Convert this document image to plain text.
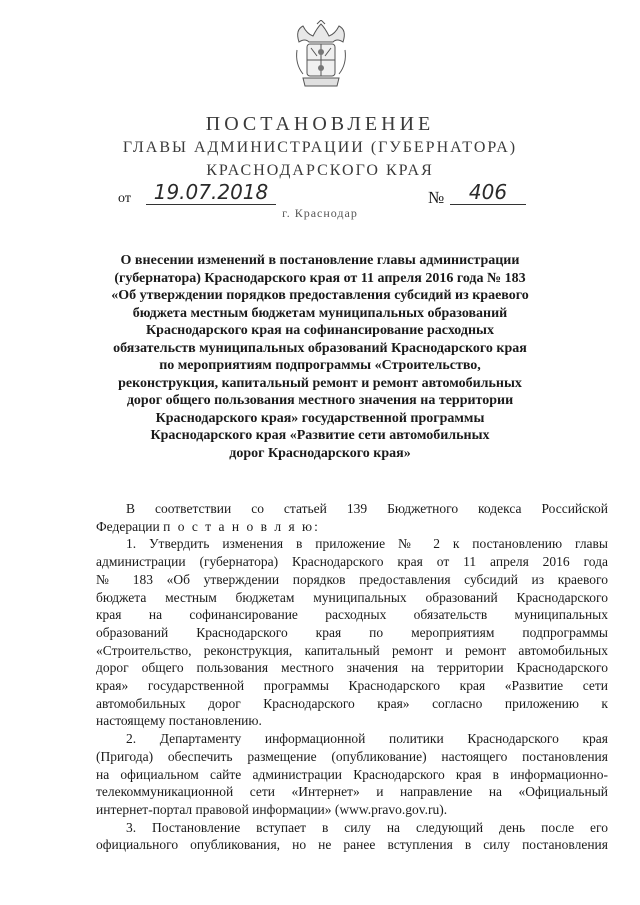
ПОСТАНОВЛЕНИЕ
ГЛАВЫ АДМИНИСТРАЦИИ (ГУБЕРНАТОРА)
КРАСНОДАРСКОГО КРАЯ
от	19.07.2018	№	406
г. Краснодар
О внесении изменений в постановление главы администрации
(губернатора) Краснодарского края от 11 апреля 2016 года № 183
«Об утверждении порядков предоставления субсидий из краевого
бюджета местным бюджетам муниципальных образований
Краснодарского края на софинансирование расходных
обязательств муниципальных образований Краснодарского края
по мероприятиям подпрограммы «Строительство,
реконструкция, капитальный ремонт и ремонт автомобильных
дорог общего пользования местного значения на территории
Краснодарского края» государственной программы
Краснодарского края «Развитие сети автомобильных
дорог Краснодарского края»
В соответствии со статьей 139 Бюджетного кодекса Российской
Федерации п о с т а н о в л я ю:
1. Утвердить изменения в приложение № 2 к постановлению главы
администрации (губернатора) Краснодарского края от 11 апреля 2016 года
№ 183 «Об утверждении порядков предоставления субсидий из краевого
бюджета местным бюджетам муниципальных образований Краснодарского
края на софинансирование расходных обязательств муниципальных
образований Краснодарского края по мероприятиям подпрограммы
«Строительство, реконструкция, капитальный ремонт и ремонт автомобильных
дорог общего пользования местного значения на территории Краснодарского
края» государственной программы Краснодарского края «Развитие сети
автомобильных дорог Краснодарского края» согласно приложению к
настоящему постановлению.
2. Департаменту информационной политики Краснодарского края
(Пригода) обеспечить размещение (опубликование) настоящего постановления
на официальном сайте администрации Краснодарского края в информационно-
телекоммуникационной сети «Интернет» и направление на «Официальный
интернет-портал правовой информации» (www.pravo.gov.ru).
3. Постановление вступает в силу на следующий день после его
официального опубликования, но не ранее вступления в силу постановления
